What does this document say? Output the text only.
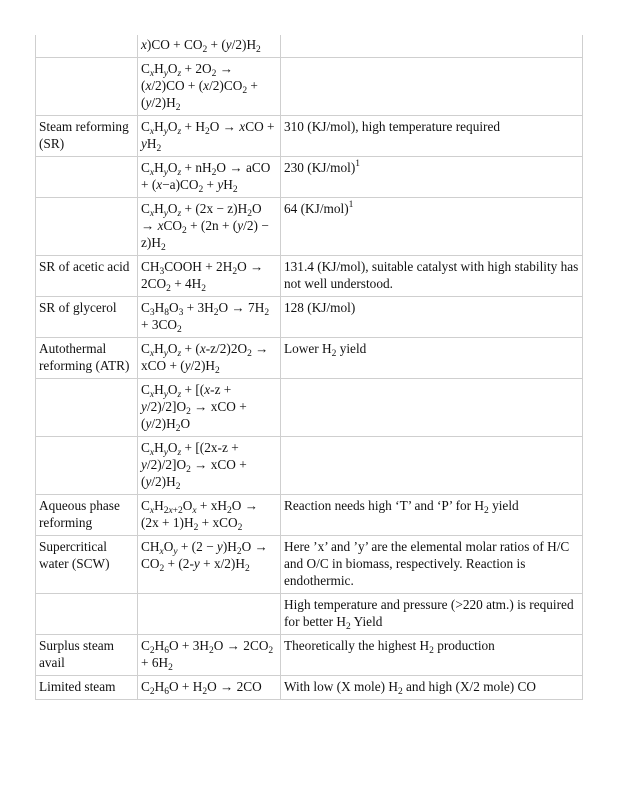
	$x)CO + CO_2 + (y/2)H_2$	
	$C_xH_yO_z + 2O_2 \to (x/2)CO + (x/2)CO_2 + (y/2)H_2$	
Steam reforming (SR)	$C_xH_yO_z + H_2O$ → xCO + $yH_2$	310 (KJ/mol), high temperature required
	$C_xH_yO_z + nH_2O$ → aCO + $(x-a)CO_2 + yH_2$	230 $(KJ/mol)^1$
	$C_xH_yO_z + (2x - z)H_2O \to xCO_2 + (2n + (y/2) - z)H_2$	64 $(KJ/mol)^1$
SR of acetic acid	$CH_3COOH + 2H_2O \to 2CO_2 + 4H_2$	131.4 (KJ/mol), suitable catalyst with high stability has not well understood.
SR of glycerol	$C_3H_8O_3 + 3H_2O \to 7H_2 + 3CO_2$	128 (KJ/mol)
Autothermal reforming (ATR)	$C_xH_yO_z + (x-z/2)2O_2$ → xCO + $(y/2)H_2$	Lower $H_2$ yield
	$C_xH_yO_z + [(x-z + y/2)/2]O_2$ → xCO + $(y/2)H_2O$	
	$C_xH_yO_z + [(2x-z + y/2)/2]O_2$ → xCO + $(y/2)H_2$	
Aqueous phase reforming	$C_xH_{2x+2}O_x + xH_2O \to (2x + 1)H_2 + xCO_2$	Reaction needs high ‘T’ and ‘P’ for $H_2$ yield
Supercritical water (SCW)	$CH_xO_y + (2 - y)H_2O \to CO_2 + (2-y + x/2)H_2$	Here ’x’ and ’y’ are the elemental molar ratios of H/C and O/C in biomass, respectively. Reaction is endothermic.
		High temperature and pressure (>220 atm.) is required for better $H_2$ Yield
Surplus steam avail	$C_2H_6O + 3H_2O \to 2CO_2 + 6H_2$	Theoretically the highest $H_2$ production
Limited steam	$C_2H_6O + H_2O \to 2CO$	With low (X mole) $H_2$ and high (X/2 mole) CO
